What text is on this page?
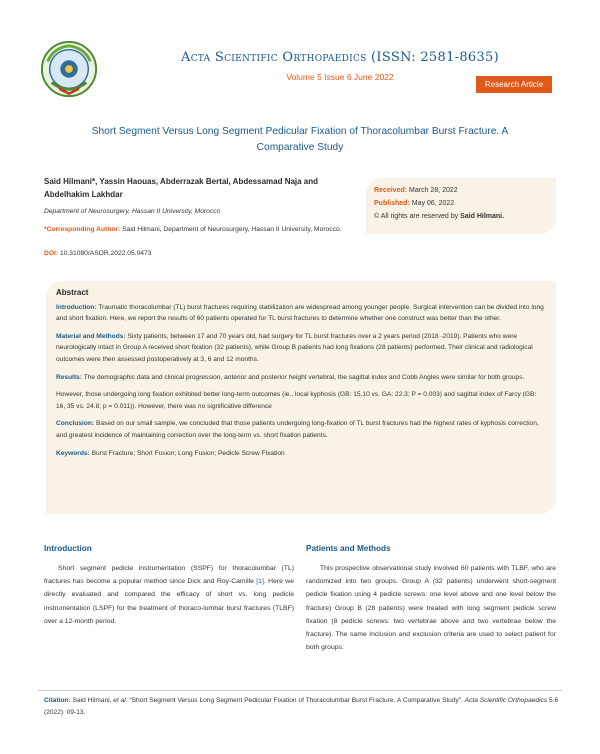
Acta Scientific Orthopaedics (ISSN: 2581-8635)
Volume 5 Issue 6 June 2022
Research Article
Short Segment Versus Long Segment Pedicular Fixation of Thoracolumbar Burst Fracture. A Comparative Study
Said Hilmani*, Yassin Haouas, Abderrazak Bertal, Abdessamad Naja and Abdelhakim Lakhdar
Department of Neurosurgery, Hassan II University, Morocco
*Corresponding Author: Said Hilmani, Department of Neurosurgery, Hassan II University, Morocco.
DOI: 10.31080/ASOR.2022.05.0473
Received: March 28, 2022
Published: May 06, 2022
© All rights are reserved by Said Hilmani.
Abstract

Introduction: Traumatic thoracolumbar (TL) burst fractures requiring stabilization are widespread among younger people. Surgical intervention can be divided into long and short fixation. Here, we report the results of 60 patients operated for TL burst fractures to determine whether one construct was better than the other.

Material and Methods: Sixty patients, between 17 and 70 years old, had surgery for TL burst fractures over a 2 years period (2018 -2019). Patients who were neurologically intact in Group A received short fixation (32 patients), while Group B patients had long fixations (28 patients) performed. Their clinical and radiological outcomes were then assessed postoperatively at 3, 6 and 12 months.

Results: The demographic data and clinical progression, anterior and posterior height vertebral, the sagittal index and Cobb Angles were similar for both groups.

However, those undergoing long fixation exhibited better long-term outcomes (ie., local kyphosis (GB: 15.10 vs. GA: 22.3; P = 0.003) and sagittal index of Farcy (GB: 16, 35 vs. 24.8; p = 0.011)). However, there was no significative difference

Conclusion: Based on our small sample, we concluded that those patients undergoing long-fixation of TL burst fractures had the highest rates of kyphosis correction, and greatest incidence of maintaining correction over the long-term vs. short fixation patients.

Keywords: Burst Fracture; Short Fusion; Long Fusion; Pedicle Screw Fixation

Introduction
Short segment pedicle instrumentation (SSPF) for thoracolumbar (TL) fractures has become a popular method since Dick and Roy-Camille [1]. Here we directly evaluated and compared the efficacy of short vs. long pedicle instrumentation (LSPF) for the treatment of thoraco-lumbar burst fractures (TLBF) over a 12-month period.
Patients and Methods
This prospective observational study involved 60 patients with TLBF, who are randomized into two groups. Group A (32 patients) underwent short-segment pedicle fixation using 4 pedicle screws: one level above and one level below the fracture) Group B (28 patients) were treated with long segment pedicle screw fixation (8 pedicle screws: two vertebrae above and two vertebrae below the fracture). The same Inclusion and exclusion criteria are used to select patient for both groups.
Citation: Said Hilmani, et al. “Short Segment Versus Long Segment Pedicular Fixation of Thoracolumbar Burst Fracture. A Comparative Study”. Acta Scientific Orthopaedics 5.6 (2022): 09-13.
